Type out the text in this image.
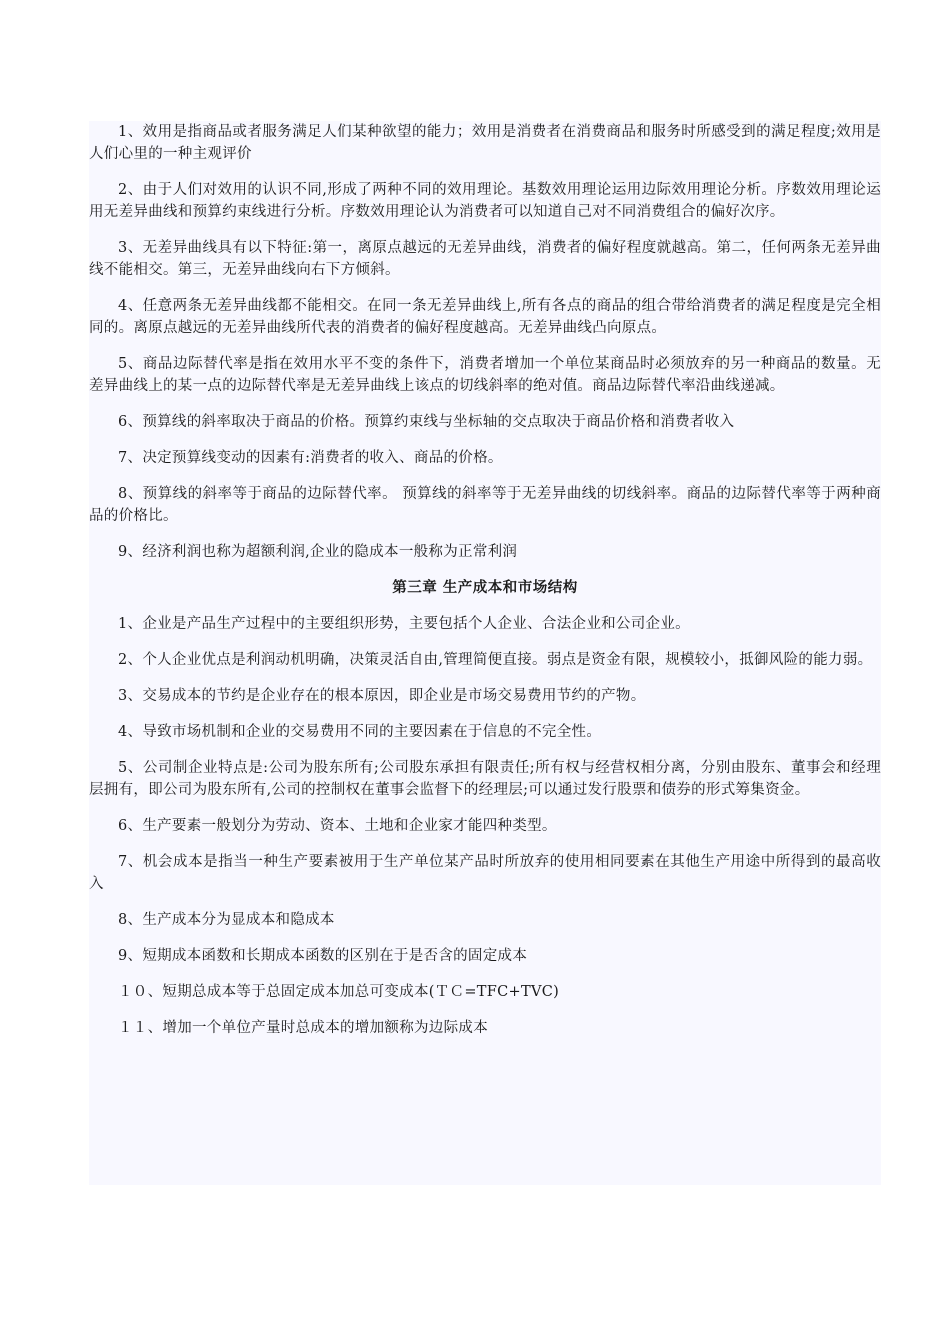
1、效用是指商品或者服务满足人们某种欲望的能力；效用是消费者在消费商品和服务时所感受到的满足程度;效用是人们心里的一种主观评价

2、由于人们对效用的认识不同,形成了两种不同的效用理论。基数效用理论运用边际效用理论分析。序数效用理论运用无差异曲线和预算约束线进行分析。序数效用理论认为消费者可以知道自己对不同消费组合的偏好次序。

3、无差异曲线具有以下特征:第一，离原点越远的无差异曲线，消费者的偏好程度就越高。第二，任何两条无差异曲线不能相交。第三，无差异曲线向右下方倾斜。

4、任意两条无差异曲线都不能相交。在同一条无差异曲线上,所有各点的商品的组合带给消费者的满足程度是完全相同的。离原点越远的无差异曲线所代表的消费者的偏好程度越高。无差异曲线凸向原点。

5、商品边际替代率是指在效用水平不变的条件下，消费者增加一个单位某商品时必须放弃的另一种商品的数量。无差异曲线上的某一点的边际替代率是无差异曲线上该点的切线斜率的绝对值。商品边际替代率沿曲线递减。

6、预算线的斜率取决于商品的价格。预算约束线与坐标轴的交点取决于商品价格和消费者收入

7、决定预算线变动的因素有:消费者的收入、商品的价格。

8、预算线的斜率等于商品的边际替代率。 预算线的斜率等于无差异曲线的切线斜率。商品的边际替代率等于两种商品的价格比。

9、经济利润也称为超额利润,企业的隐成本一般称为正常利润

第三章 生产成本和市场结构

1、企业是产品生产过程中的主要组织形势，主要包括个人企业、合法企业和公司企业。

2、个人企业优点是利润动机明确，决策灵活自由,管理简便直接。弱点是资金有限，规模较小，抵御风险的能力弱。

3、交易成本的节约是企业存在的根本原因，即企业是市场交易费用节约的产物。

4、导致市场机制和企业的交易费用不同的主要因素在于信息的不完全性。

5、公司制企业特点是:公司为股东所有;公司股东承担有限责任;所有权与经营权相分离，分别由股东、董事会和经理层拥有，即公司为股东所有,公司的控制权在董事会监督下的经理层;可以通过发行股票和债券的形式筹集资金。

6、生产要素一般划分为劳动、资本、土地和企业家才能四种类型。

7、机会成本是指当一种生产要素被用于生产单位某产品时所放弃的使用相同要素在其他生产用途中所得到的最高收入

8、生产成本分为显成本和隐成本

9、短期成本函数和长期成本函数的区别在于是否含的固定成本

１０、短期总成本等于总固定成本加总可变成本(ＴＣ=TFC+TVC)

１１、增加一个单位产量时总成本的增加额称为边际成本
